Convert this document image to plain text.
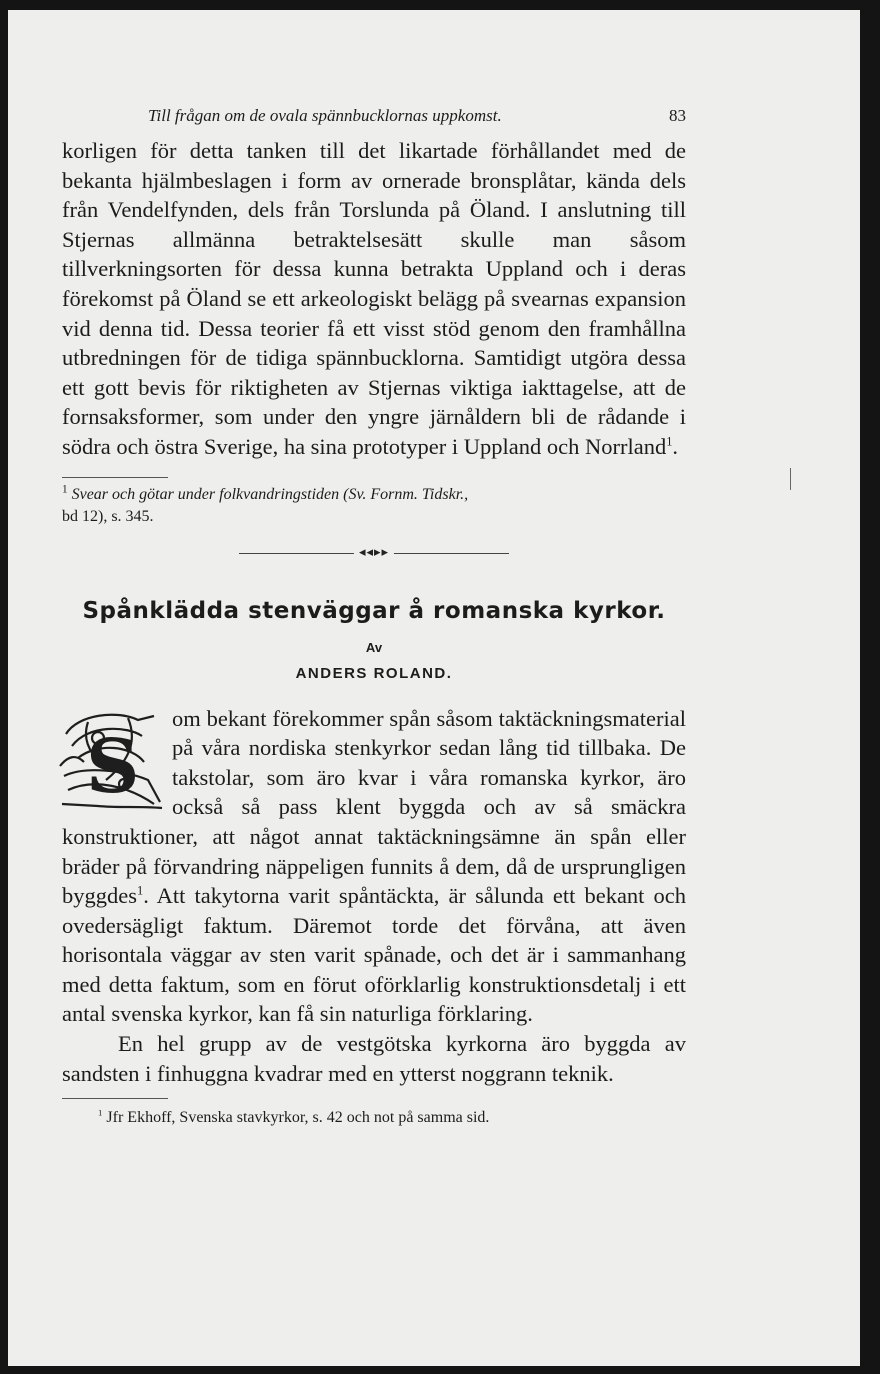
Till frågan om de ovala spännbucklornas uppkomst.	83

korligen för detta tanken till det likartade förhållandet med de bekanta hjälmbeslagen i form av ornerade bronsplåtar, kända dels från Vendelfynden, dels från Torslunda på Öland. I anslutning till Stjernas allmänna betraktelsesätt skulle man såsom tillverkningsorten för dessa kunna betrakta Uppland och i deras förekomst på Öland se ett arkeologiskt belägg på svearnas expansion vid denna tid. Dessa teorier få ett visst stöd genom den framhållna utbredningen för de tidiga spännbucklorna. Samtidigt utgöra dessa ett gott bevis för riktigheten av Stjernas viktiga iakttagelse, att de fornsaksformer, som under den yngre järnåldern bli de rådande i södra och östra Sverige, ha sina prototyper i Uppland och Norrland$^1$.

$^1$ Svear och götar under folkvandringstiden (Sv. Fornm. Tidskr.,
bd 12), s. 345.
◂◂▸▸
Spånklädda stenväggar å romanska kyrkor.
Av
ANDERS ROLAND.
S

om bekant förekommer spån såsom taktäckningsmaterial på våra nordiska stenkyrkor sedan lång tid tillbaka. De takstolar, som äro kvar i våra romanska kyrkor, äro också så pass klent byggda och av så smäckra konstruktioner, att något annat taktäckningsämne än spån eller bräder på förvandring näppeligen funnits å dem, då de ursprungligen byggdes$^1$. Att takytorna varit spåntäckta, är sålunda ett bekant och ovedersägligt faktum. Däremot torde det förvåna, att även horisontala väggar av sten varit spånade, och det är i sammanhang med detta faktum, som en förut oförklarlig konstruktionsdetalj i ett antal svenska kyrkor, kan få sin naturliga förklaring.

En hel grupp av de vestgötska kyrkorna äro byggda av sandsten i finhuggna kvadrar med en ytterst noggrann teknik.

$^1$ Jfr Ekhoff, Svenska stavkyrkor, s. 42 och not på samma sid.
